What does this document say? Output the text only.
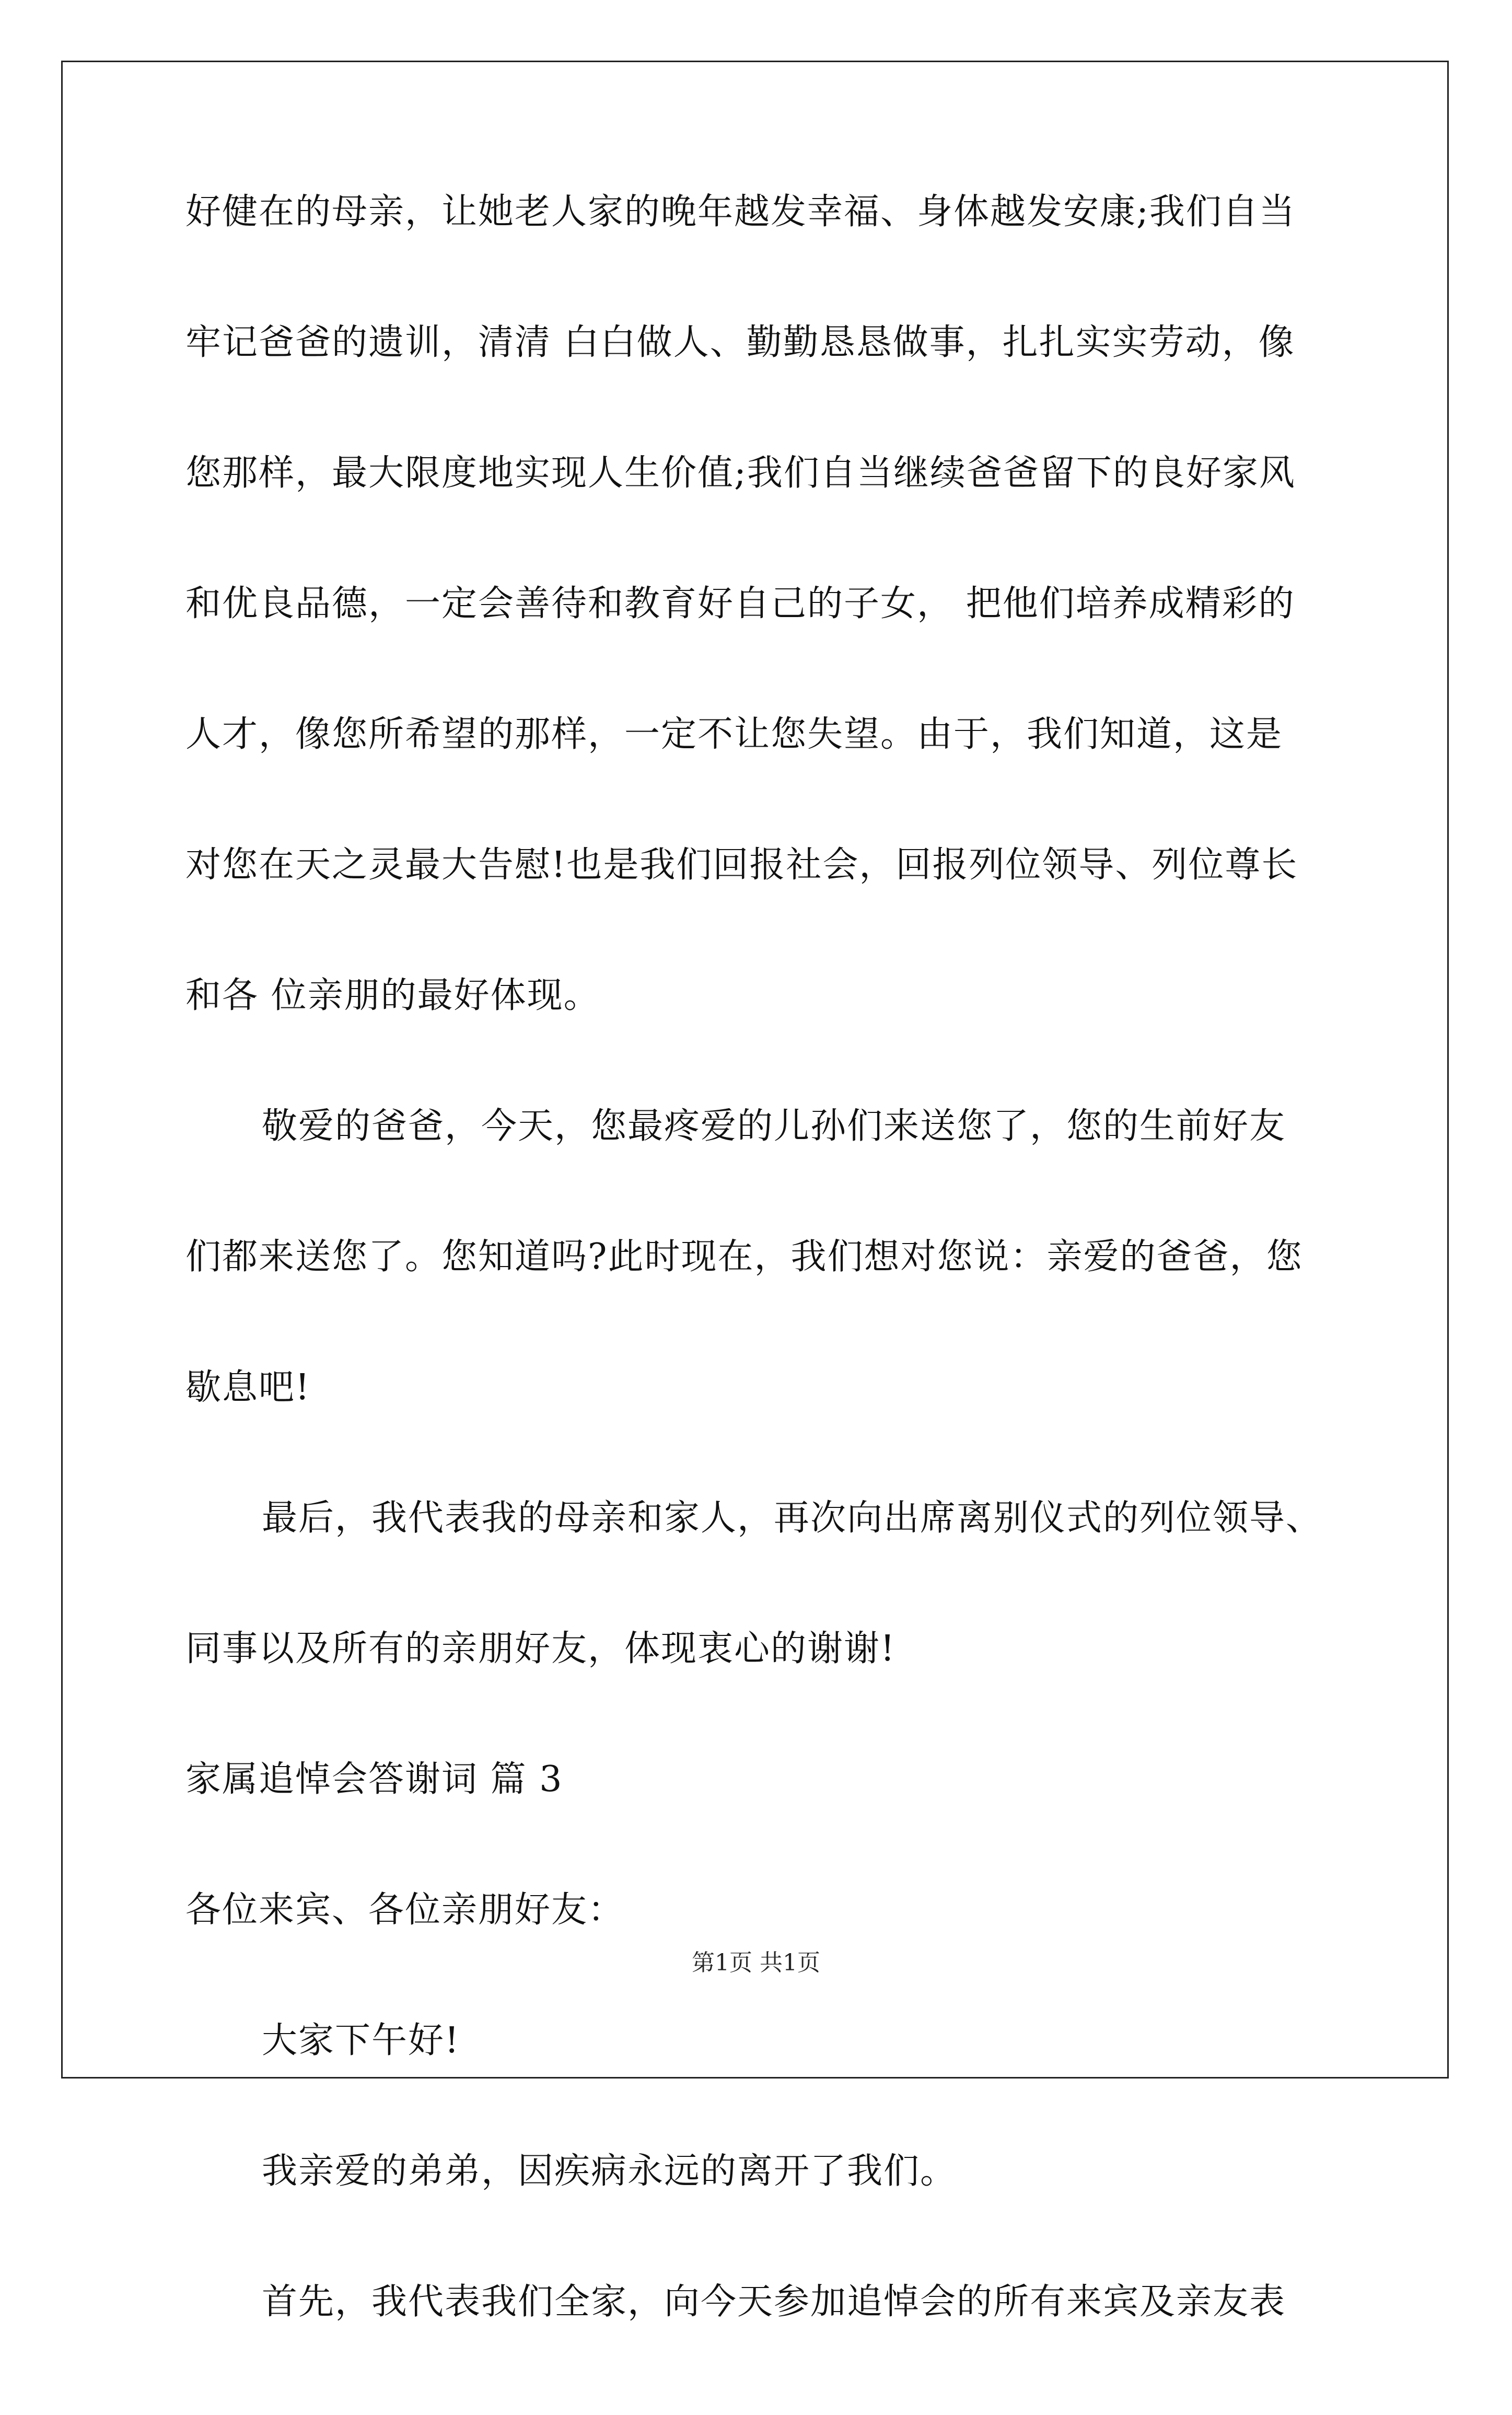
好健在的母亲，让她老人家的晚年越发幸福、身体越发安康;我们自当
牢记爸爸的遗训，清清 白白做人、勤勤恳恳做事，扎扎实实劳动，像
您那样，最大限度地实现人生价值;我们自当继续爸爸留下的良好家风
和优良品德，一定会善待和教育好自己的子女， 把他们培养成精彩的
人才，像您所希望的那样，一定不让您失望。由于，我们知道，这是
对您在天之灵最大告慰!也是我们回报社会，回报列位领导、列位尊长
和各 位亲朋的最好体现。
敬爱的爸爸，今天，您最疼爱的儿孙们来送您了，您的生前好友
们都来送您了。您知道吗?此时现在，我们想对您说：亲爱的爸爸，您
歇息吧!
最后，我代表我的母亲和家人，再次向出席离别仪式的列位领导、
同事以及所有的亲朋好友，体现衷心的谢谢!
家属追悼会答谢词 篇 3
各位来宾、各位亲朋好友：
大家下午好!
我亲爱的弟弟，因疾病永远的离开了我们。
首先，我代表我们全家，向今天参加追悼会的所有来宾及亲友表
第1页 共1页
